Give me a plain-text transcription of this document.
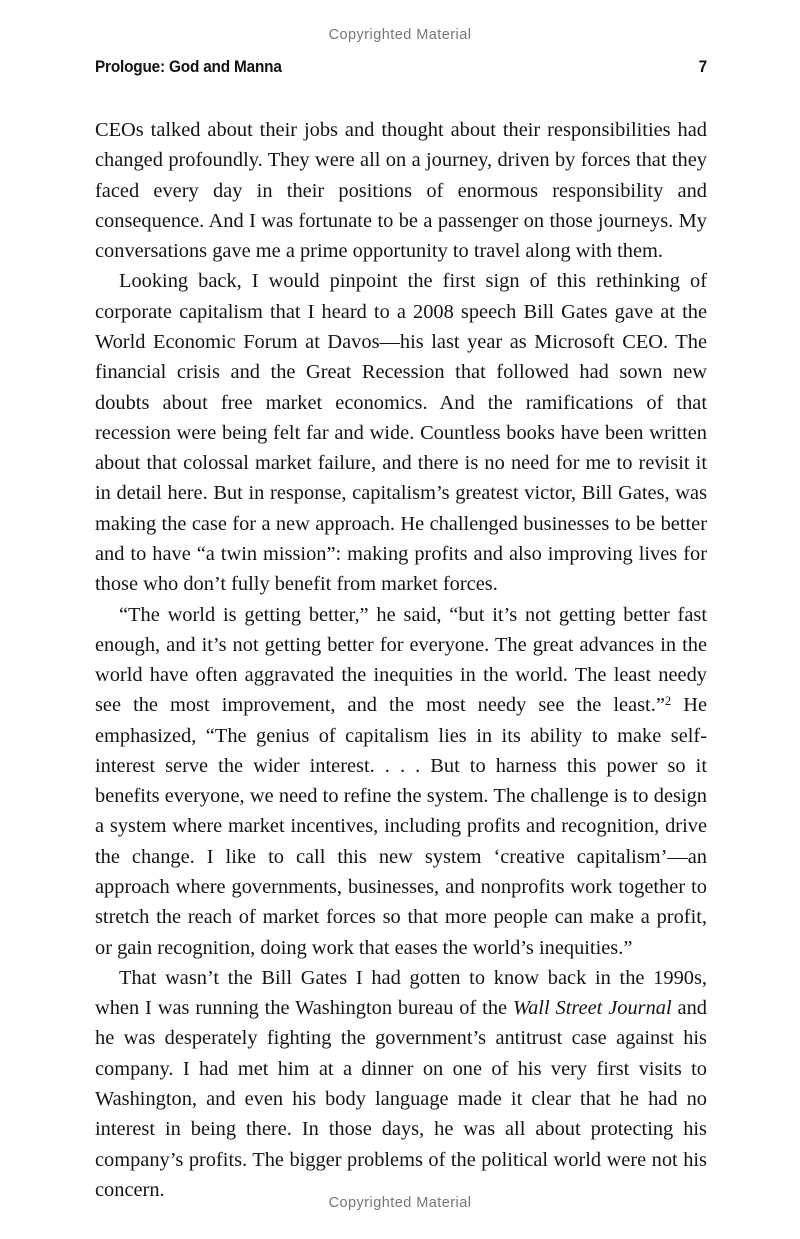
Copyrighted Material
Prologue: God and Manna	7

CEOs talked about their jobs and thought about their responsibilities had changed profoundly. They were all on a journey, driven by forces that they faced every day in their positions of enormous responsibility and consequence. And I was fortunate to be a passenger on those journeys. My conversations gave me a prime opportunity to travel along with them.

Looking back, I would pinpoint the first sign of this rethinking of corporate capitalism that I heard to a 2008 speech Bill Gates gave at the World Economic Forum at Davos—his last year as Microsoft CEO. The financial crisis and the Great Recession that followed had sown new doubts about free market economics. And the ramifications of that recession were being felt far and wide. Countless books have been written about that colossal market failure, and there is no need for me to revisit it in detail here. But in response, capitalism’s greatest victor, Bill Gates, was making the case for a new approach. He challenged businesses to be better and to have “a twin mission”: making profits and also improving lives for those who don’t fully benefit from market forces.

“The world is getting better,” he said, “but it’s not getting better fast enough, and it’s not getting better for everyone. The great advances in the world have often aggravated the inequities in the world. The least needy see the most improvement, and the most needy see the least.”$^2$ He emphasized, “The genius of capitalism lies in its ability to make self-interest serve the wider interest. . . . But to harness this power so it benefits everyone, we need to refine the system. The challenge is to design a system where market incentives, including profits and recognition, drive the change. I like to call this new system ‘creative capitalism’—an approach where governments, businesses, and nonprofits work together to stretch the reach of market forces so that more people can make a profit, or gain recognition, doing work that eases the world’s inequities.”

That wasn’t the Bill Gates I had gotten to know back in the 1990s, when I was running the Washington bureau of the Wall Street Journal and he was desperately fighting the government’s antitrust case against his company. I had met him at a dinner on one of his very first visits to Washington, and even his body language made it clear that he had no interest in being there. In those days, he was all about protecting his company’s profits. The bigger problems of the political world were not his concern.

Copyrighted Material
